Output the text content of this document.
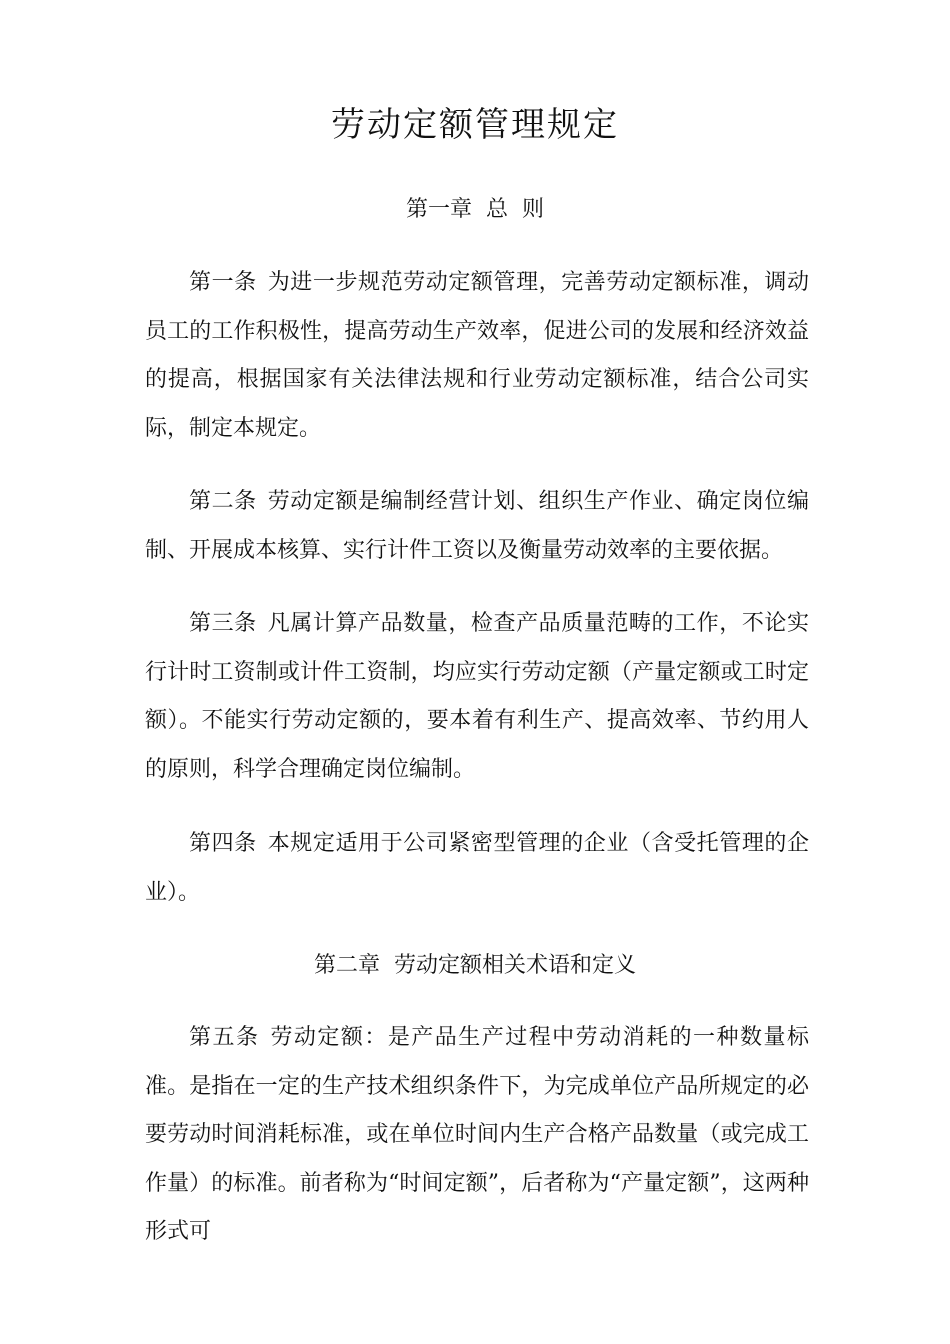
劳动定额管理规定
第一章  总  则

第一条 为进一步规范劳动定额管理，完善劳动定额标准，调动员工的工作积极性，提高劳动生产效率，促进公司的发展和经济效益的提高，根据国家有关法律法规和行业劳动定额标准，结合公司实际，制定本规定。

第二条 劳动定额是编制经营计划、组织生产作业、确定岗位编制、开展成本核算、实行计件工资以及衡量劳动效率的主要依据。

第三条 凡属计算产品数量，检查产品质量范畴的工作，不论实行计时工资制或计件工资制，均应实行劳动定额（产量定额或工时定额）。不能实行劳动定额的，要本着有利生产、提高效率、节约用人的原则，科学合理确定岗位编制。

第四条 本规定适用于公司紧密型管理的企业（含受托管理的企业）。

第二章  劳动定额相关术语和定义

第五条 劳动定额：是产品生产过程中劳动消耗的一种数量标准。是指在一定的生产技术组织条件下，为完成单位产品所规定的必要劳动时间消耗标准，或在单位时间内生产合格产品数量（或完成工作量）的标准。前者称为“时间定额”，后者称为“产量定额”，这两种形式可
